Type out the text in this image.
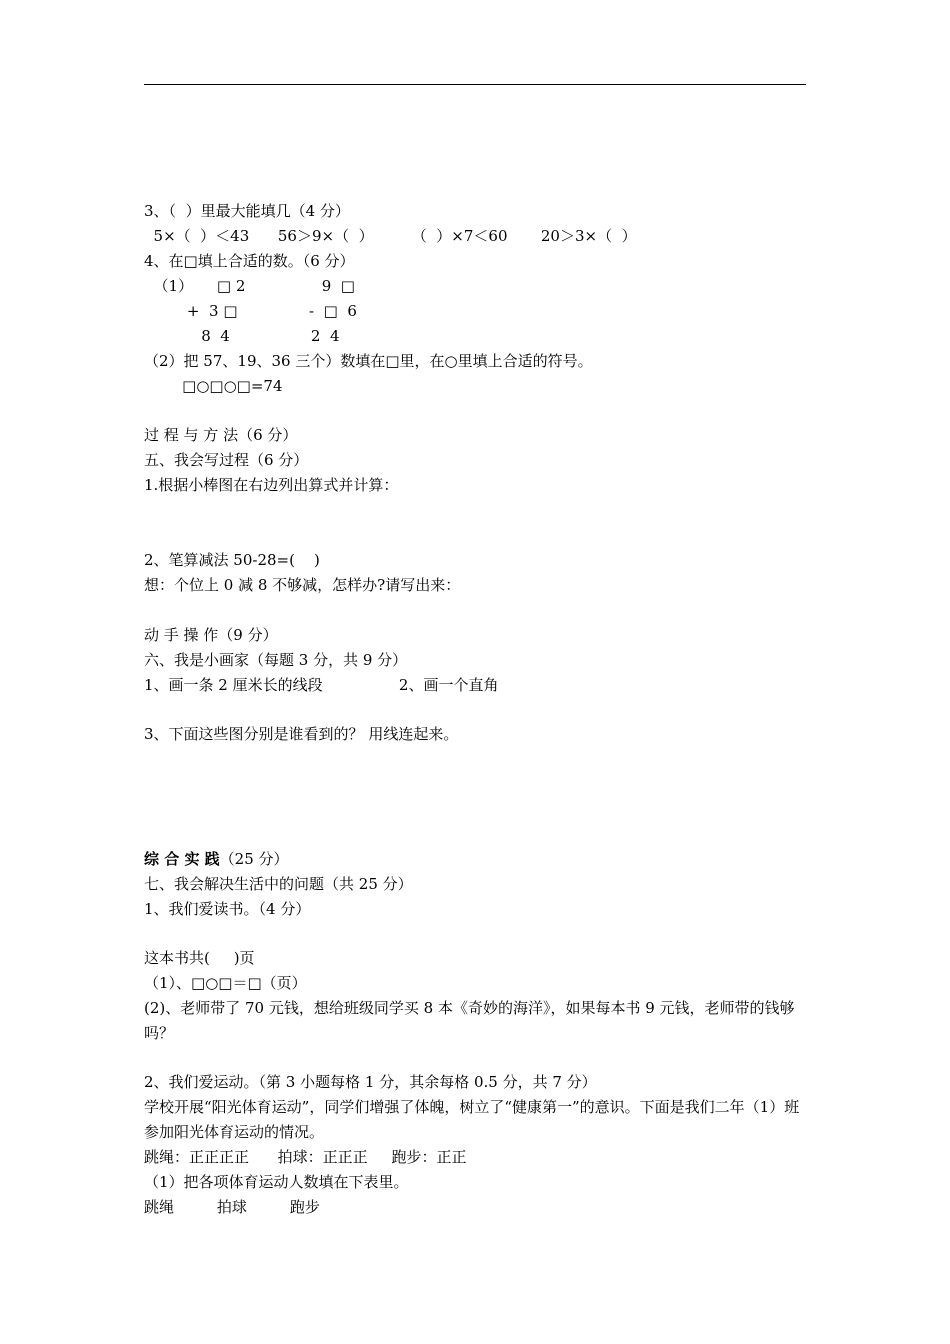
3、（  ）里最大能填几（4 分）
5×（  ）＜43      56＞9×（  ）        （  ）×7＜60       20＞3×（  ）
4、在□填上合适的数。（6 分）
（1）     □ 2                9  □
+  3 □               -  □  6
8  4                 2  4
（2）把 57、19、36 三个）数填在□里，在○里填上合适的符号。
□○□○□=74
过 程 与 方 法（6 分）
五、我会写过程（6 分）
1.根据小棒图在右边列出算式并计算：
2、笔算减法 50-28=(    )
想：个位上 0 减 8 不够减，怎样办?请写出来：
动 手 操 作（9 分）
六、我是小画家（每题 3 分，共 9 分）
1、画一条 2 厘米长的线段                2、画一个直角
3、下面这些图分别是谁看到的？ 用线连起来。
综 合 实 践（25 分）
七、我会解决生活中的问题（共 25 分）
1、我们爱读书。（4 分）
这本书共(     )页
（1）、□○□＝□（页）
(2)、老师带了 70 元钱，想给班级同学买 8 本《奇妙的海洋》，如果每本书 9 元钱，老师带的钱够吗？
2、我们爱运动。（第 3 小题每格 1 分，其余每格 0.5 分，共 7 分）
学校开展“阳光体育运动”，同学们增强了体魄，树立了“健康第一”的意识。下面是我们二年（1）班参加阳光体育运动的情况。
跳绳：正正正正      拍球：正正正     跑步：正正
（1）把各项体育运动人数填在下表里。
跳绳         拍球         跑步
